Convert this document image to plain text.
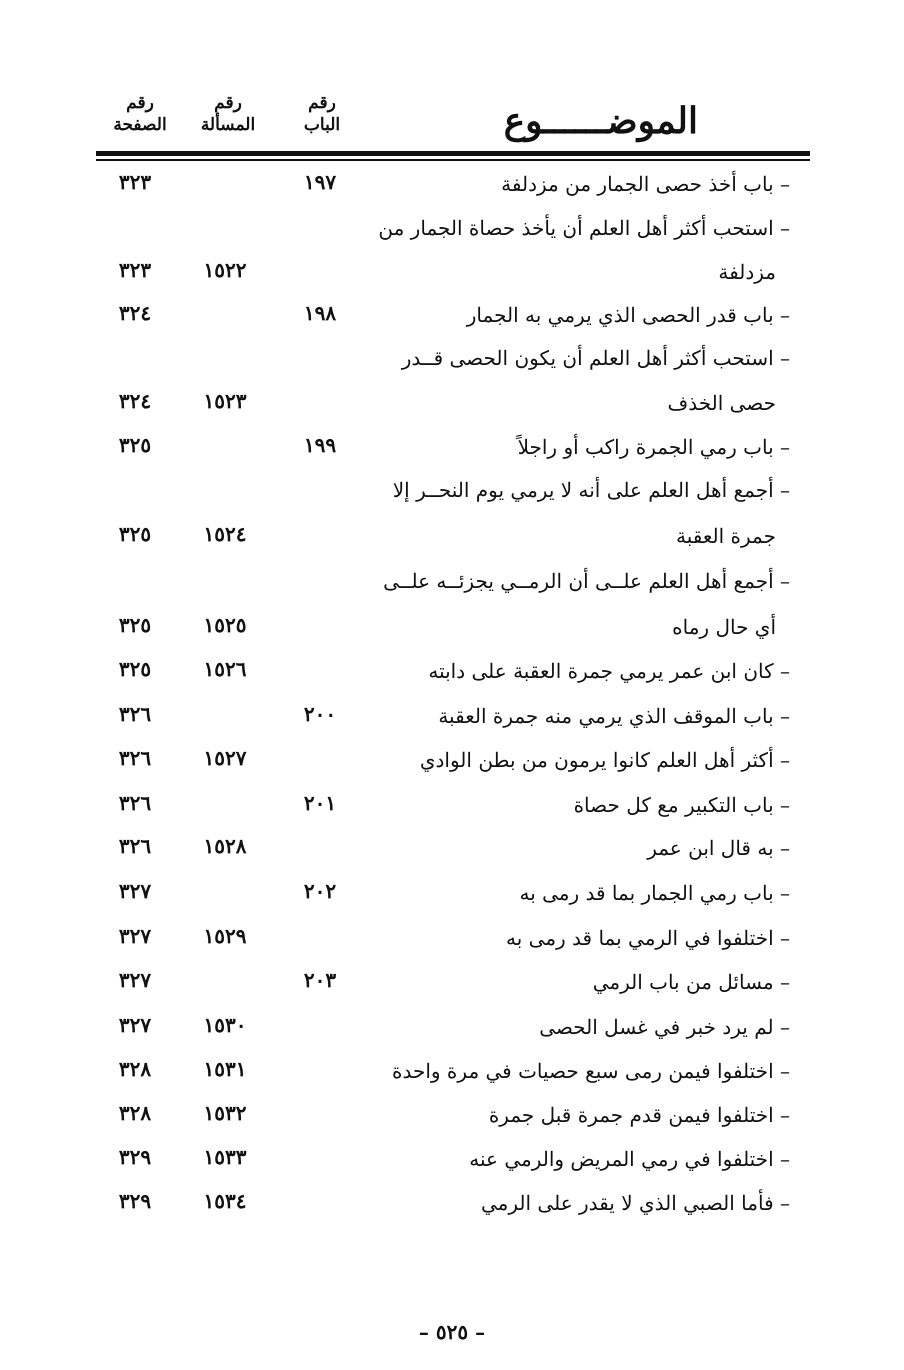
رقم
الصفحة
رقم
المسألة
رقم
الباب	الموضــــــوع
– باب أخذ حصى الجمار من مزدلفة
١٩٧
٣٢٣
– استحب أكثر أهل العلم أن يأخذ حصاة الجمار من
مزدلفة
١٥٢٢
٣٢٣
– باب قدر الحصى الذي يرمي به الجمار
١٩٨
٣٢٤
– استحب أكثر أهل العلم أن يكون الحصى قــدر
حصى الخذف
١٥٢٣
٣٢٤
– باب رمي الجمرة راكب أو راجلاً
١٩٩
٣٢٥
– أجمع أهل العلم على أنه لا يرمي يوم النحــر إلا
جمرة العقبة
١٥٢٤
٣٢٥
– أجمع أهل العلم علــى أن الرمــي يجزئــه علــى
أي حال رماه
١٥٢٥
٣٢٥
– كان ابن عمر يرمي جمرة العقبة على دابته
١٥٢٦
٣٢٥
– باب الموقف الذي يرمي منه جمرة العقبة
٢٠٠
٣٢٦
– أكثر أهل العلم كانوا يرمون من بطن الوادي
١٥٢٧
٣٢٦
– باب التكبير مع كل حصاة
٢٠١
٣٢٦
– به قال ابن عمر
١٥٢٨
٣٢٦
– باب رمي الجمار بما قد رمى به
٢٠٢
٣٢٧
– اختلفوا في الرمي بما قد رمى به
١٥٢٩
٣٢٧
– مسائل من باب الرمي
٢٠٣
٣٢٧
– لم يرد خبر في غسل الحصى
١٥٣٠
٣٢٧
– اختلفوا فيمن رمى سبع حصيات في مرة واحدة
١٥٣١
٣٢٨
– اختلفوا فيمن قدم جمرة قبل جمرة
١٥٣٢
٣٢٨
– اختلفوا في رمي المريض والرمي عنه
١٥٣٣
٣٢٩
– فأما الصبي الذي لا يقدر على الرمي
١٥٣٤
٣٢٩
– ٥٢٥ –
